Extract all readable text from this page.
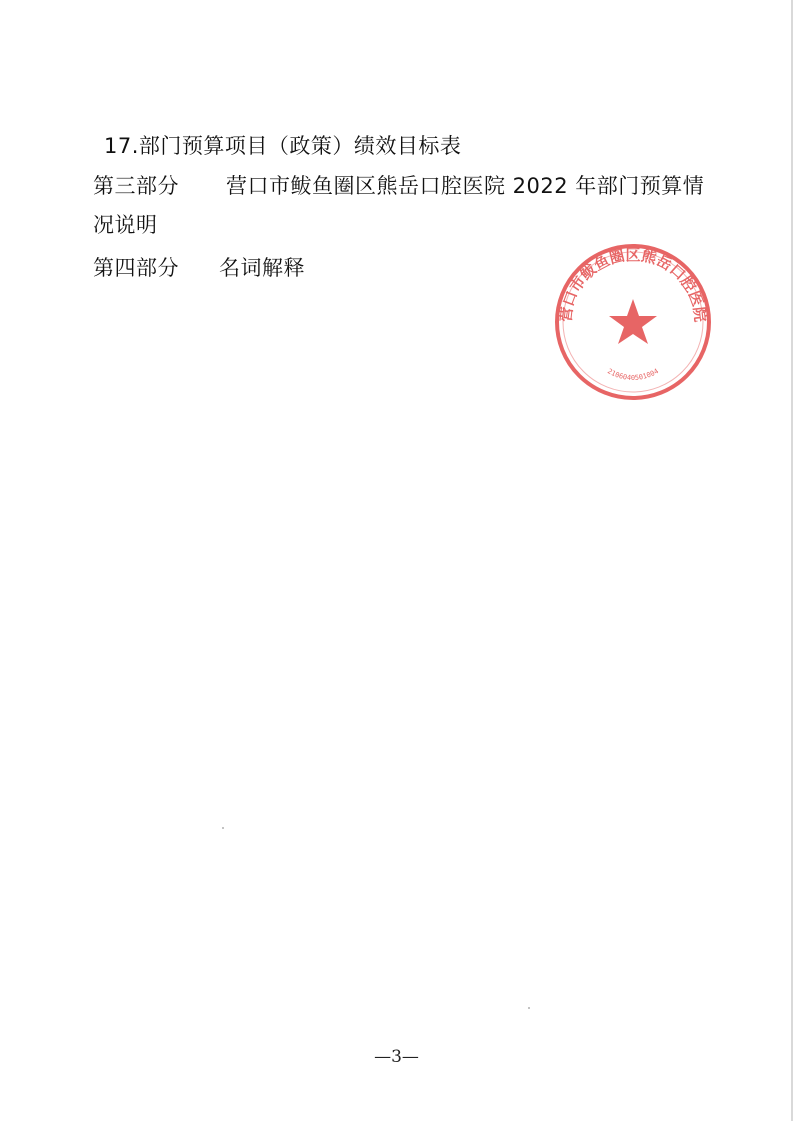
17.部门预算项目（政策）绩效目标表
第三部分 营口市鲅鱼圈区熊岳口腔医院 2022 年部门预算情
况说明
第四部分 名词解释
营口市鲅鱼圈区熊岳口腔医院
2106040501004
—3—
